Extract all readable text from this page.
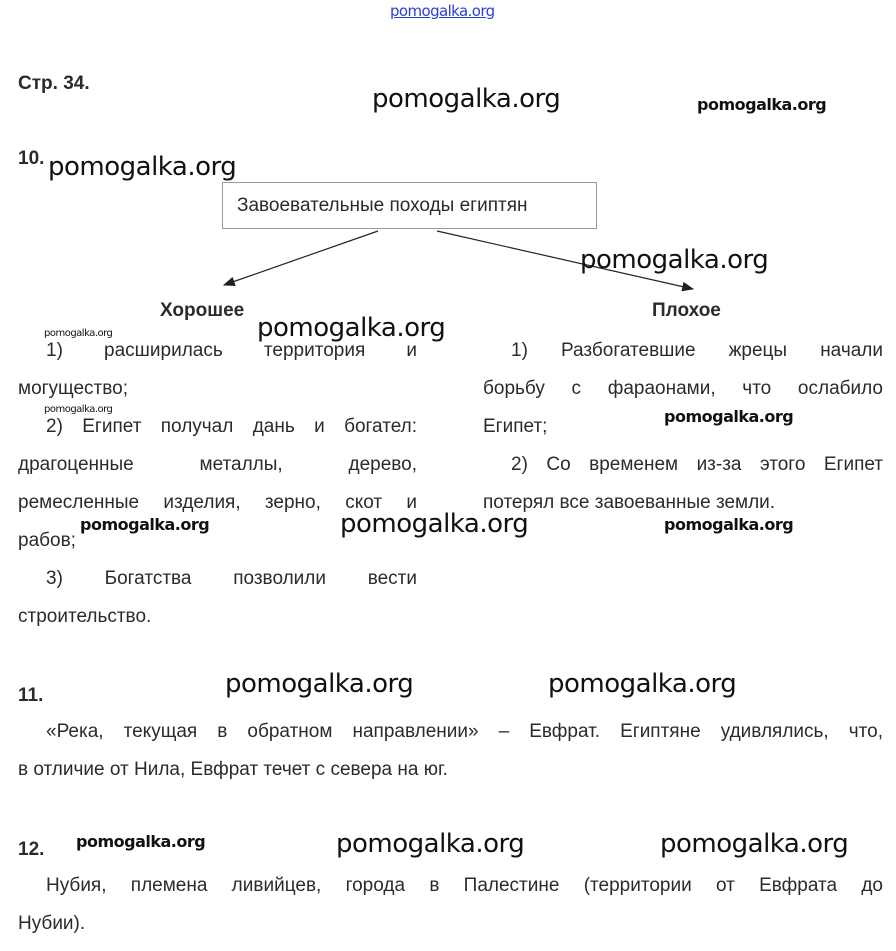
pomogalka.org
Стр. 34.
pomogalka.org	pomogalka.org
10. pomogalka.org
Завоевательные походы египтян
pomogalka.org
Хорошее	Плохое
pomogalka.org	pomogalka.org
1) расширилась территория и
могущество;
2) Египет получал дань и богател:
драгоценные металлы, дерево,
ремесленные изделия, зерно, скот и
рабов;
3) Богатства позволили вести
строительство.
1) Разбогатевшие жрецы начали
борьбу с фараонами, что ослабило
Египет;
2) Со временем из-за этого Египет
потерял все завоеванные земли.
pomogalka.org	pomogalka.org
pomogalka.org	pomogalka.org	pomogalka.org
11.	pomogalka.org	pomogalka.org
«Река, текущая в обратном направлении» – Евфрат. Египтяне удивлялись, что,
в отличие от Нила, Евфрат течет с севера на юг.
12. pomogalka.org	pomogalka.org	pomogalka.org
Нубия, племена ливийцев, города в Палестине (территории от Евфрата до
Нубии).
